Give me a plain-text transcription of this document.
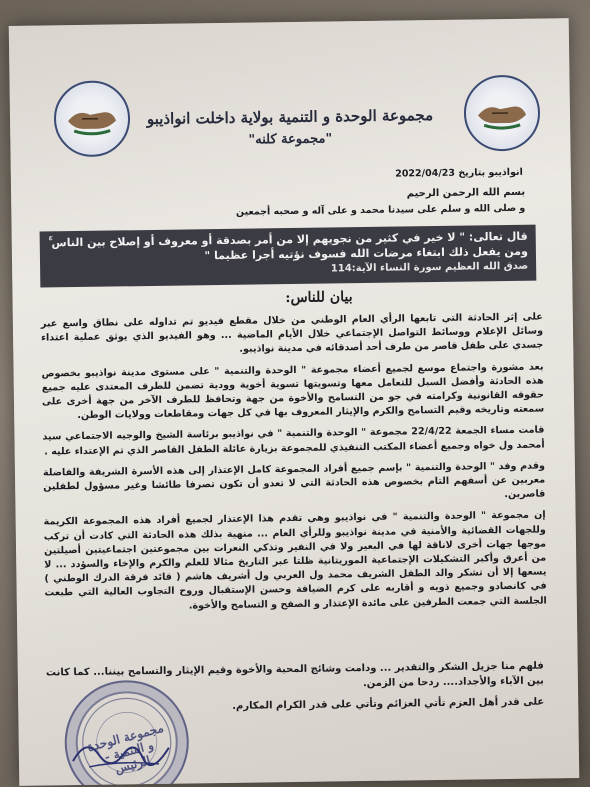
مجموعة الوحدة و التنمية بولاية داخلت انواذيبو
"مجموعة كلنه"
انواذيبو بتاريخ 2022/04/23
بسم الله الرحمن الرحيم
و صلى الله و سلم على سيدنا محمد و على آله و صحبه أجمعين
قال تعالى: " لا خير في كثير من نجويهم إلا من أمر بصدقة أو معروف أو إصلاح بين الناس ۚ ومن يفعل ذلك ابتغاء مرضات الله فسوف نؤتيه أجرا عظيما "
صدق الله العظيم سورة النساء الآية:114
بيان للناس:

على إثر الحادثة التي تابعها الرأي العام الوطني من خلال مقطع فيديو تم تداوله على نطاق واسع عبر وسائل الإعلام ووسائط التواصل الإجتماعي خلال الأيام الماضية ... وهو الفيديو الذي يوثق عملية اعتداء جسدي على طفل قاصر من طرف أحد أصدقائه في مدينة نواذيبو.

بعد مشورة واجتماع موسع لجميع أعضاء مجموعة " الوحدة والتنمية " على مستوى مدينة نواذيبو بخصوص هذه الحادثة وأفضل السبل للتعامل معها وتسويتها تسوية أخوية وودية تضمن للطرف المعتدى عليه جميع حقوقه القانونية وكرامته في جو من التسامح والأخوة من جهة وتحافظ للطرف الآخر من جهة أخرى على سمعته وتاريخه وقيم التسامح والكرم والإيثار المعروف بها في كل جهات ومقاطعات وولايات الوطن.

قامت مساء الجمعة 22/4/22 مجموعة " الوحدة والتنمية " في نواذيبو برئاسة الشيخ والوجيه الاجتماعي سيد أمحمد ول خواه وجميع أعضاء المكتب التنفيذي للمجموعة بزيارة عائلة الطفل القاصر الذي تم الإعتداء عليه .

وقدم وفد " الوحدة والتنمية " بإسم جميع أفراد المجموعة كامل الإعتذار إلى هذه الأسرة الشريفة والفاضلة معربين عن أسفهم التام بخصوص هذه الحادثة التي لا تعدو أن تكون تصرفا طائشا وغير مسؤول لطفلين قاصرين.

إن مجموعة " الوحدة والتنمية " في نواذيبو وهي تقدم هذا الإعتذار لجميع أفراد هذه المجموعة الكريمة وللجهات القضائية والأمنية في مدينة نواذيبو وللرأي العام ... منهية بذلك هذه الحادثة التي كادت أن تركب موجها جهات أخرى لاناقة لها في البعير ولا في النفير وتذكي النعرات بين مجموعتين اجتماعيتين أصيلتين من أعرق وأكبر التشكيلات الإجتماعية الموريتانية ظلتا عبر التاريخ مثالا للعلم والكرم والإخاء والسؤدد ... لا يسعها إلا أن تشكر والد الطفل الشريف محمد ول العربي ول أشريف هاشم ( قائد فرقة الدرك الوطني ) في كانصادو وجميع ذويه و أقاربه على كرم الضيافة وحسن الإستقبال وروح التجاوب العالية التي طبعت الجلسة التي جمعت الطرفين على مائدة الإعتذار و الصفح و التسامح والأخوة.

فلهم منا جزيل الشكر والتقدير ... ودامت وشائج المحبة والأخوة وقيم الإيثار والتسامح بيننا... كما كانت بين الآباء والأجداد.... ردحا من الزمن.

على قدر أهل العزم تأتي العزائم وتأتي على قدر الكرام المكارم.

مجموعة الوحدة و التنمية - الرئيس
